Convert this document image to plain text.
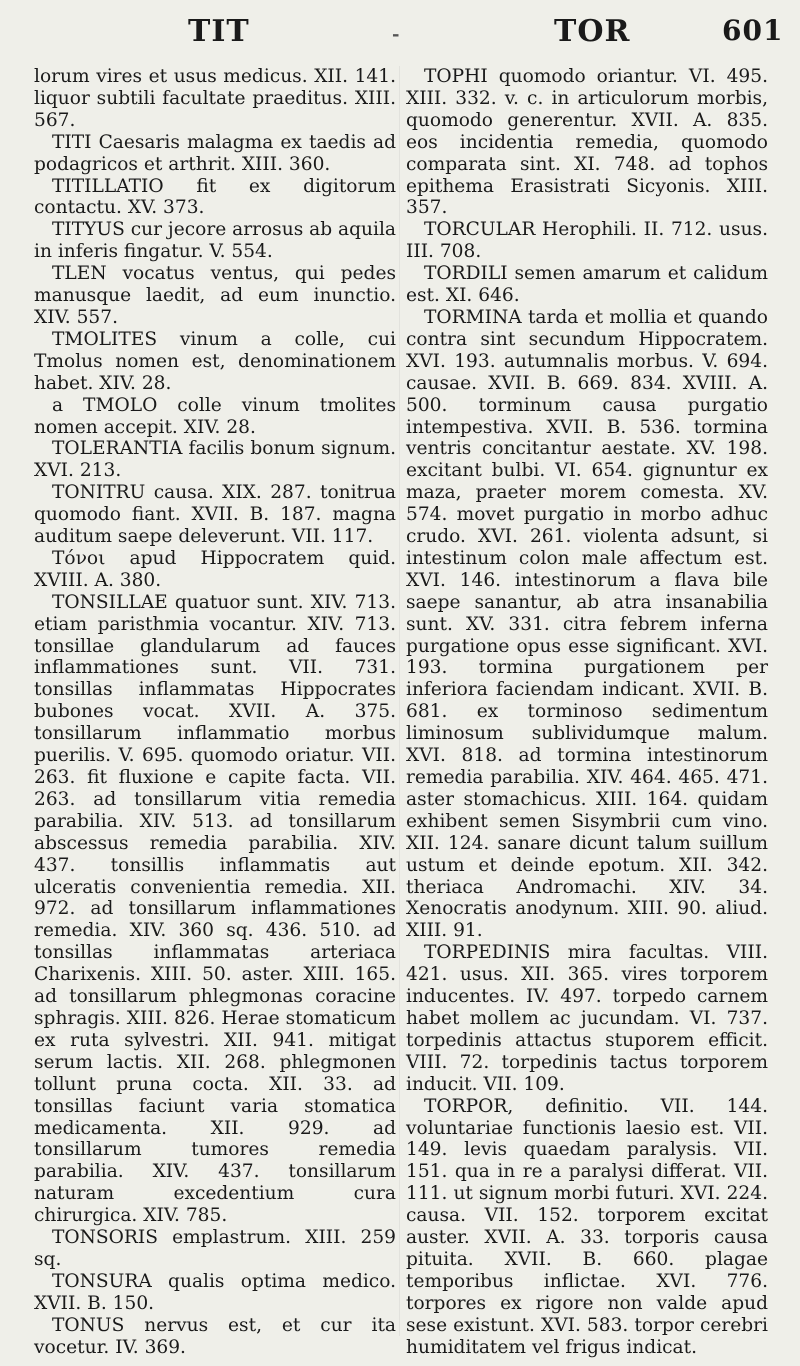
TIT	-	TOR	601

lorum vires et usus medicus. XII. 141. liquor subtili facultate praeditus. XIII. 567.

TITI Caesaris malagma ex taedis ad podagricos et arthrit. XIII. 360.

TITILLATIO fit ex digitorum contactu. XV. 373.

TITYUS cur jecore arrosus ab aquila in inferis fingatur. V. 554.

TLEN vocatus ventus, qui pedes manusque laedit, ad eum inunctio. XIV. 557.

TMOLITES vinum a colle, cui Tmolus nomen est, denominationem habet. XIV. 28.

a TMOLO colle vinum tmolites nomen accepit. XIV. 28.

TOLERANTIA facilis bonum signum. XVI. 213.

TONITRU causa. XIX. 287. tonitrua quomodo fiant. XVII. B. 187. magna auditum saepe deleverunt. VII. 117.

Τόνοι apud Hippocratem quid. XVIII. A. 380.

TONSILLAE quatuor sunt. XIV. 713. etiam paristhmia vocantur. XIV. 713. tonsillae glandularum ad fauces inflammationes sunt. VII. 731. tonsillas inflammatas Hippocrates bubones vocat. XVII. A. 375. tonsillarum inflammatio morbus puerilis. V. 695. quomodo oriatur. VII. 263. fit fluxione e capite facta. VII. 263. ad tonsillarum vitia remedia parabilia. XIV. 513. ad tonsillarum abscessus remedia parabilia. XIV. 437. tonsillis inflammatis aut ulceratis convenientia remedia. XII. 972. ad tonsillarum inflammationes remedia. XIV. 360 sq. 436. 510. ad tonsillas inflammatas arteriaca Charixenis. XIII. 50. aster. XIII. 165. ad tonsillarum phlegmonas coracine sphragis. XIII. 826. Herae stomaticum ex ruta sylvestri. XII. 941. mitigat serum lactis. XII. 268. phlegmonen tollunt pruna cocta. XII. 33. ad tonsillas faciunt varia stomatica medicamenta. XII. 929. ad tonsillarum tumores remedia parabilia. XIV. 437. tonsillarum naturam excedentium cura chirurgica. XIV. 785.

TONSORIS emplastrum. XIII. 259 sq.

TONSURA qualis optima medico. XVII. B. 150.

TONUS nervus est, et cur ita vocetur. IV. 369.

TOPHI quomodo oriantur. VI. 495. XIII. 332. v. c. in articulorum morbis, quomodo generentur. XVII. A. 835. eos incidentia remedia, quomodo comparata sint. XI. 748. ad tophos epithema Erasistrati Sicyonis. XIII. 357.

TORCULAR Herophili. II. 712. usus. III. 708.

TORDILI semen amarum et calidum est. XI. 646.

TORMINA tarda et mollia et quando contra sint secundum Hippocratem. XVI. 193. autumnalis morbus. V. 694. causae. XVII. B. 669. 834. XVIII. A. 500. torminum causa purgatio intempestiva. XVII. B. 536. tormina ventris concitantur aestate. XV. 198. excitant bulbi. VI. 654. gignuntur ex maza, praeter morem comesta. XV. 574. movet purgatio in morbo adhuc crudo. XVI. 261. violenta adsunt, si intestinum colon male affectum est. XVI. 146. intestinorum a flava bile saepe sanantur, ab atra insanabilia sunt. XV. 331. citra febrem inferna purgatione opus esse significant. XVI. 193. tormina purgationem per inferiora faciendam indicant. XVII. B. 681. ex torminoso sedimentum liminosum sublividumque malum. XVI. 818. ad tormina intestinorum remedia parabilia. XIV. 464. 465. 471. aster stomachicus. XIII. 164. quidam exhibent semen Sisymbrii cum vino. XII. 124. sanare dicunt talum suillum ustum et deinde epotum. XII. 342. theriaca Andromachi. XIV. 34. Xenocratis anodynum. XIII. 90. aliud. XIII. 91.

TORPEDINIS mira facultas. VIII. 421. usus. XII. 365. vires torporem inducentes. IV. 497. torpedo carnem habet mollem ac jucundam. VI. 737. torpedinis attactus stuporem efficit. VIII. 72. torpedinis tactus torporem inducit. VII. 109.

TORPOR, definitio. VII. 144. voluntariae functionis laesio est. VII. 149. levis quaedam paralysis. VII. 151. qua in re a paralysi differat. VII. 111. ut signum morbi futuri. XVI. 224. causa. VII. 152. torporem excitat auster. XVII. A. 33. torporis causa pituita. XVII. B. 660. plagae temporibus inflictae. XVI. 776. torpores ex rigore non valde apud sese existunt. XVI. 583. torpor cerebri humiditatem vel frigus indicat.
